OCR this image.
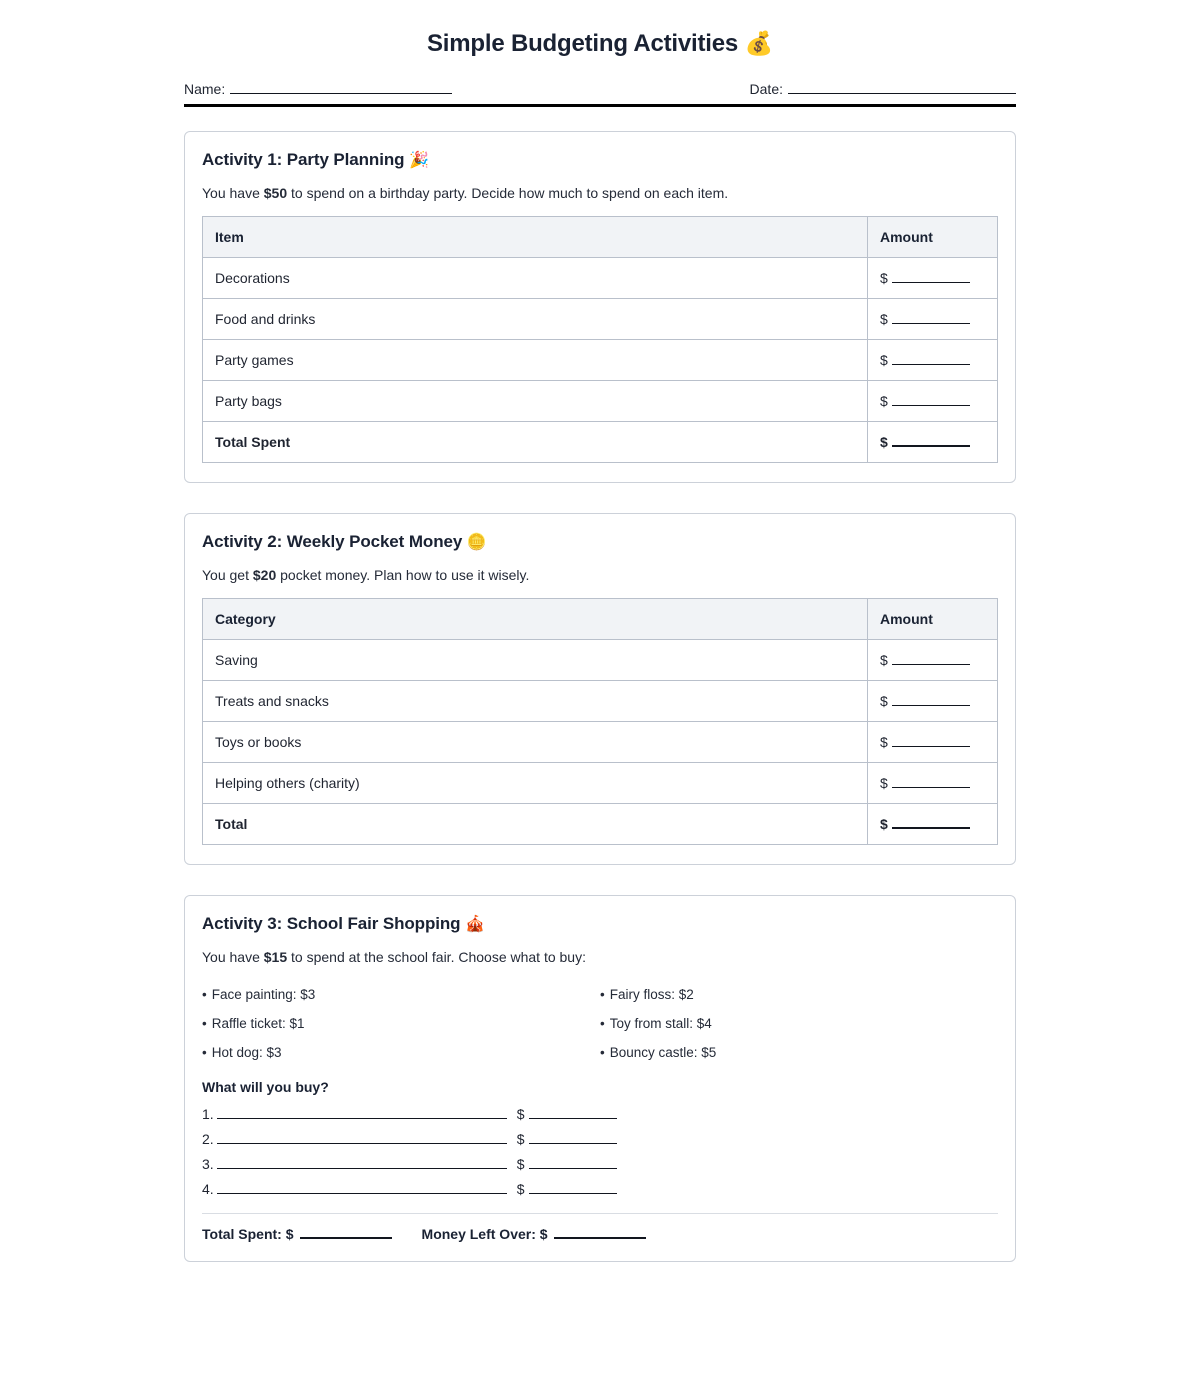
Simple Budgeting Activities 💰
Name:	Date:
Activity 1: Party Planning 🎉

You have $50 to spend on a birthday party. Decide how much to spend on each item.

Item	Amount
Decorations	$
Food and drinks	$
Party games	$
Party bags	$
Total Spent	$
Activity 2: Weekly Pocket Money 🪙

You get $20 pocket money. Plan how to use it wisely.

Category	Amount
Saving	$
Treats and snacks	$
Toys or books	$
Helping others (charity)	$
Total	$
Activity 3: School Fair Shopping 🎪

You have $15 to spend at the school fair. Choose what to buy:

• Face painting: $3	• Fairy floss: $2
• Raffle ticket: $1	• Toy from stall: $4
• Hot dog: $3	• Bouncy castle: $5
What will you buy?
1.	$
2.	$
3.	$
4.	$
Total Spent: $	Money Left Over: $
